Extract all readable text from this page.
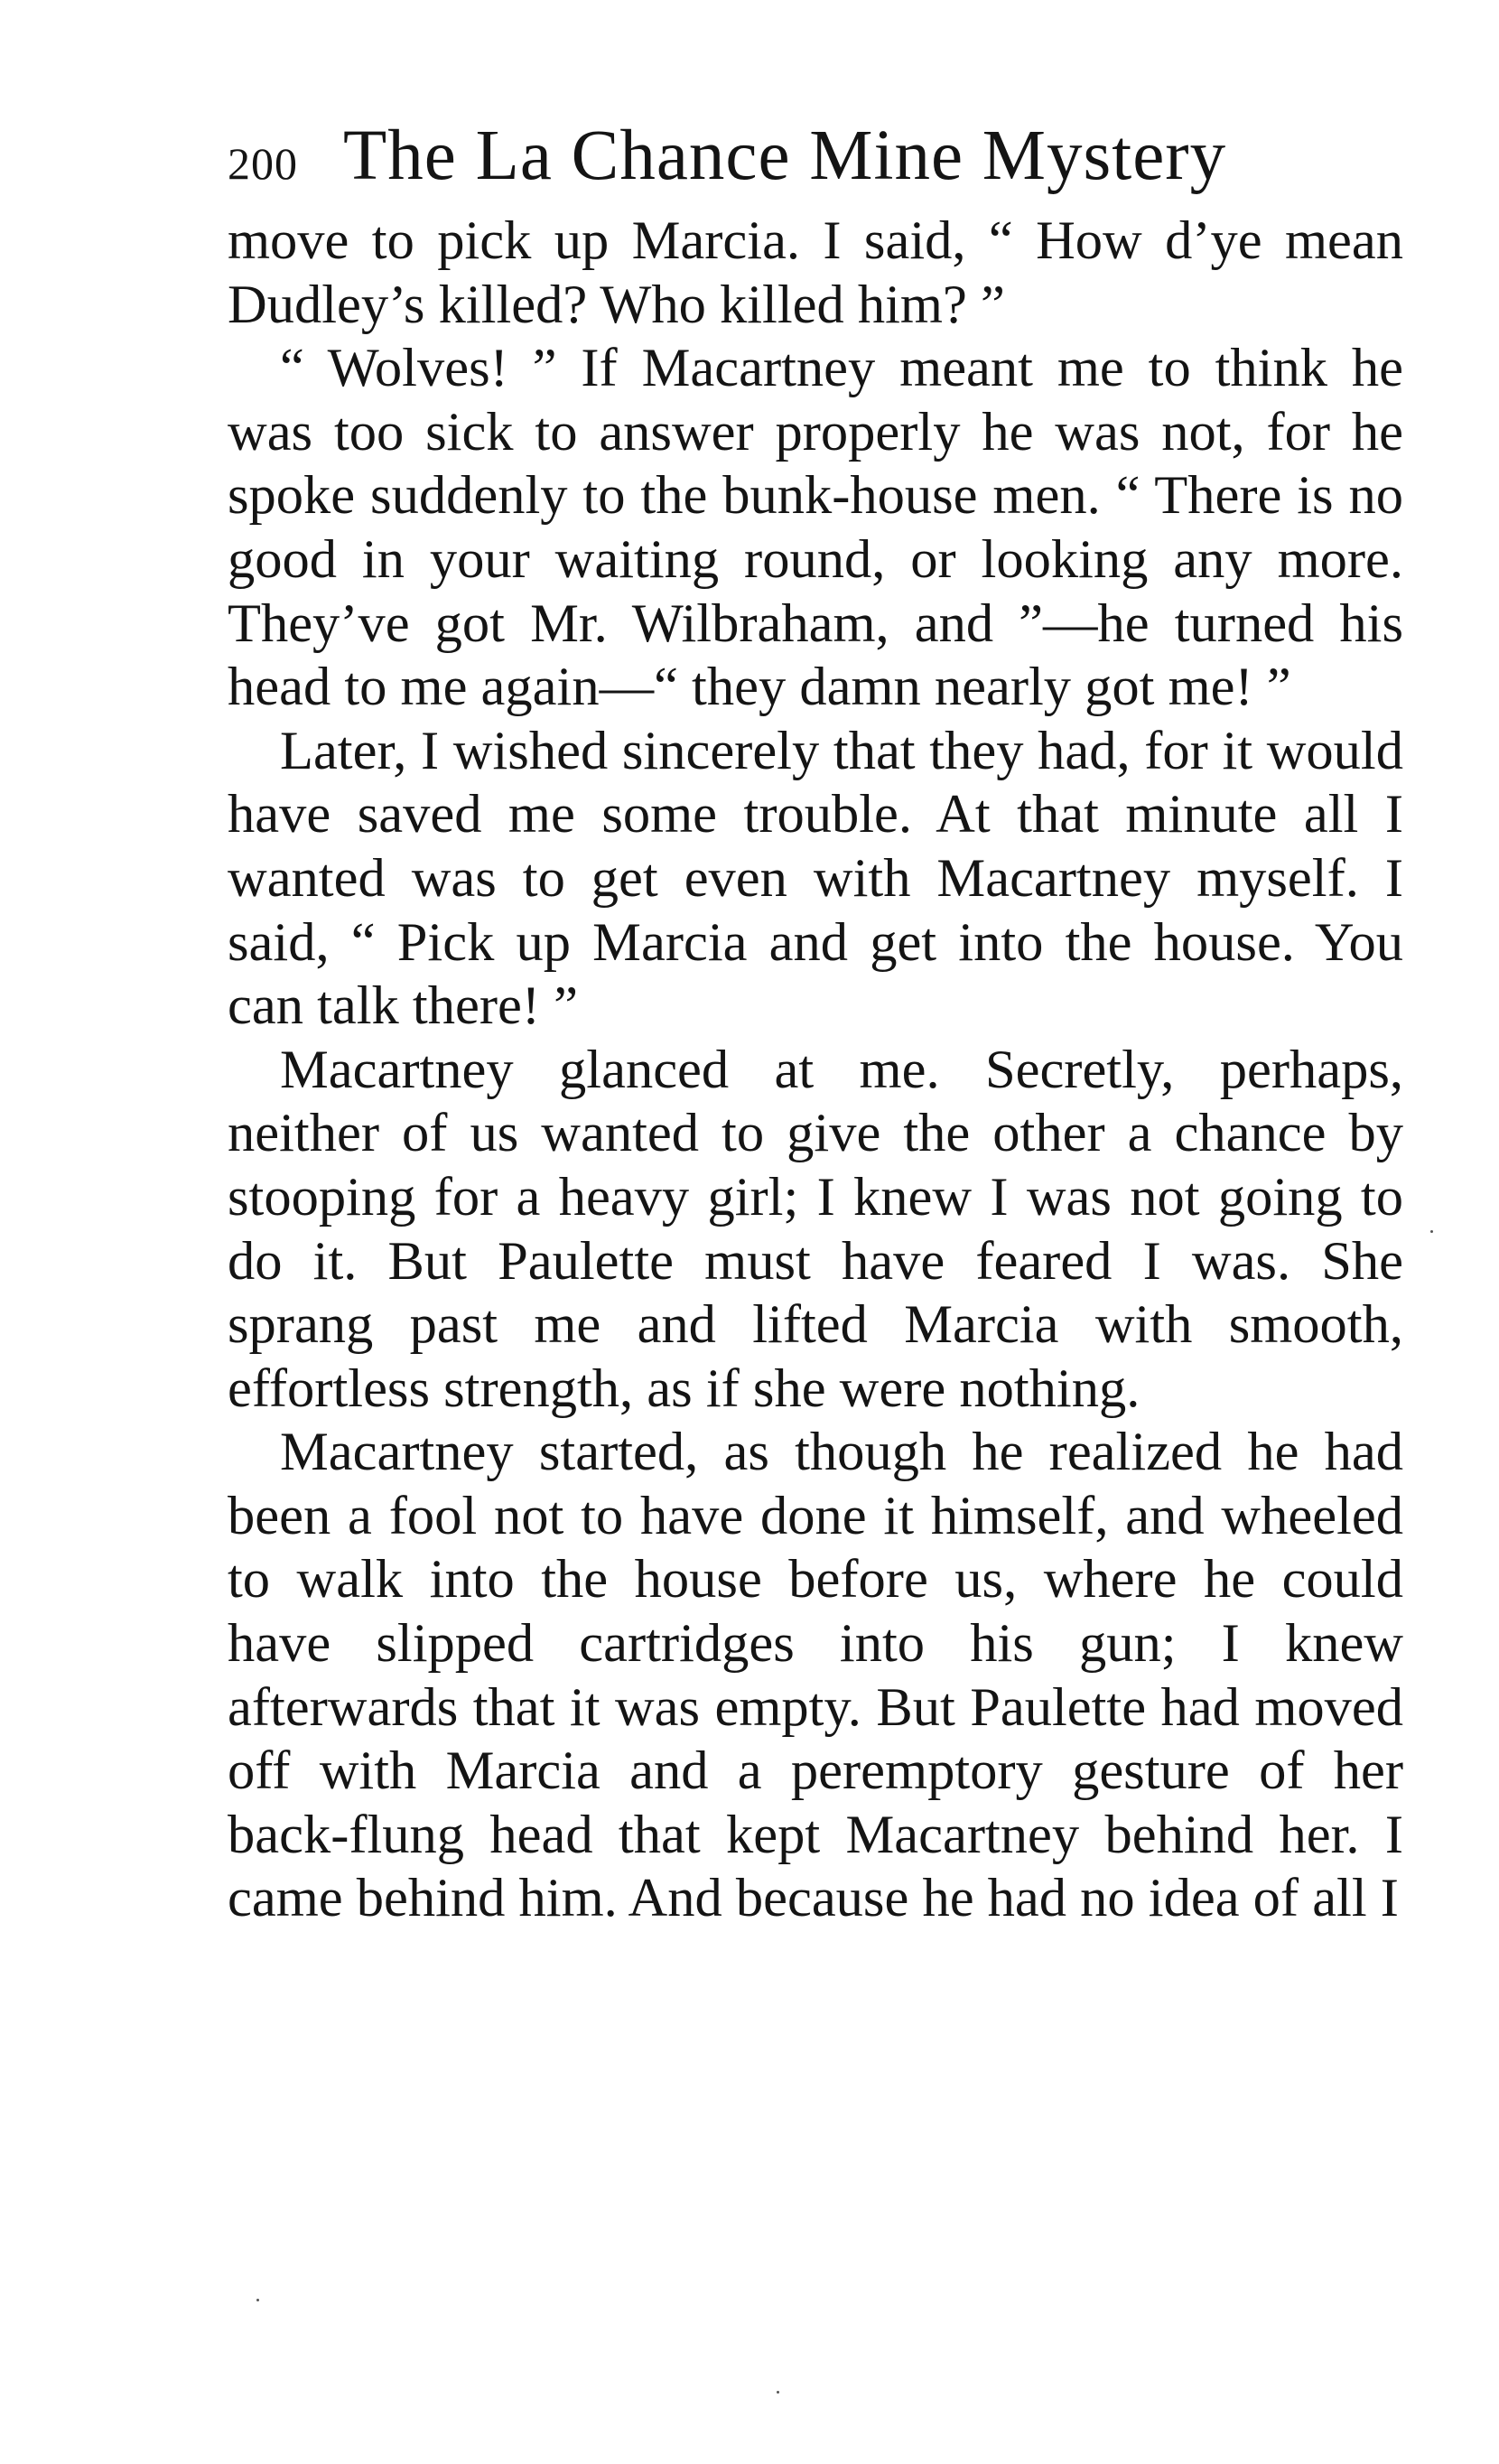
200 The La Chance Mine Mystery

move to pick up Marcia. I said, “ How d’ye mean Dudley’s killed? Who killed him? ”

“ Wolves! ” If Macartney meant me to think he was too sick to answer properly he was not, for he spoke suddenly to the bunk-house men. “ There is no good in your waiting round, or looking any more. They’ve got Mr. Wilbraham, and ”—he turned his head to me again—“ they damn nearly got me! ”

Later, I wished sincerely that they had, for it would have saved me some trouble. At that minute all I wanted was to get even with Macartney myself. I said, “ Pick up Marcia and get into the house. You can talk there! ”

Macartney glanced at me. Secretly, perhaps, neither of us wanted to give the other a chance by stooping for a heavy girl; I knew I was not going to do it. But Paulette must have feared I was. She sprang past me and lifted Marcia with smooth, effortless strength, as if she were nothing.

Macartney started, as though he realized he had been a fool not to have done it himself, and wheeled to walk into the house before us, where he could have slipped cartridges into his gun; I knew afterwards that it was empty. But Paulette had moved off with Marcia and a peremptory gesture of her back-flung head that kept Macartney behind her. I came behind him. And because he had no idea of all I
